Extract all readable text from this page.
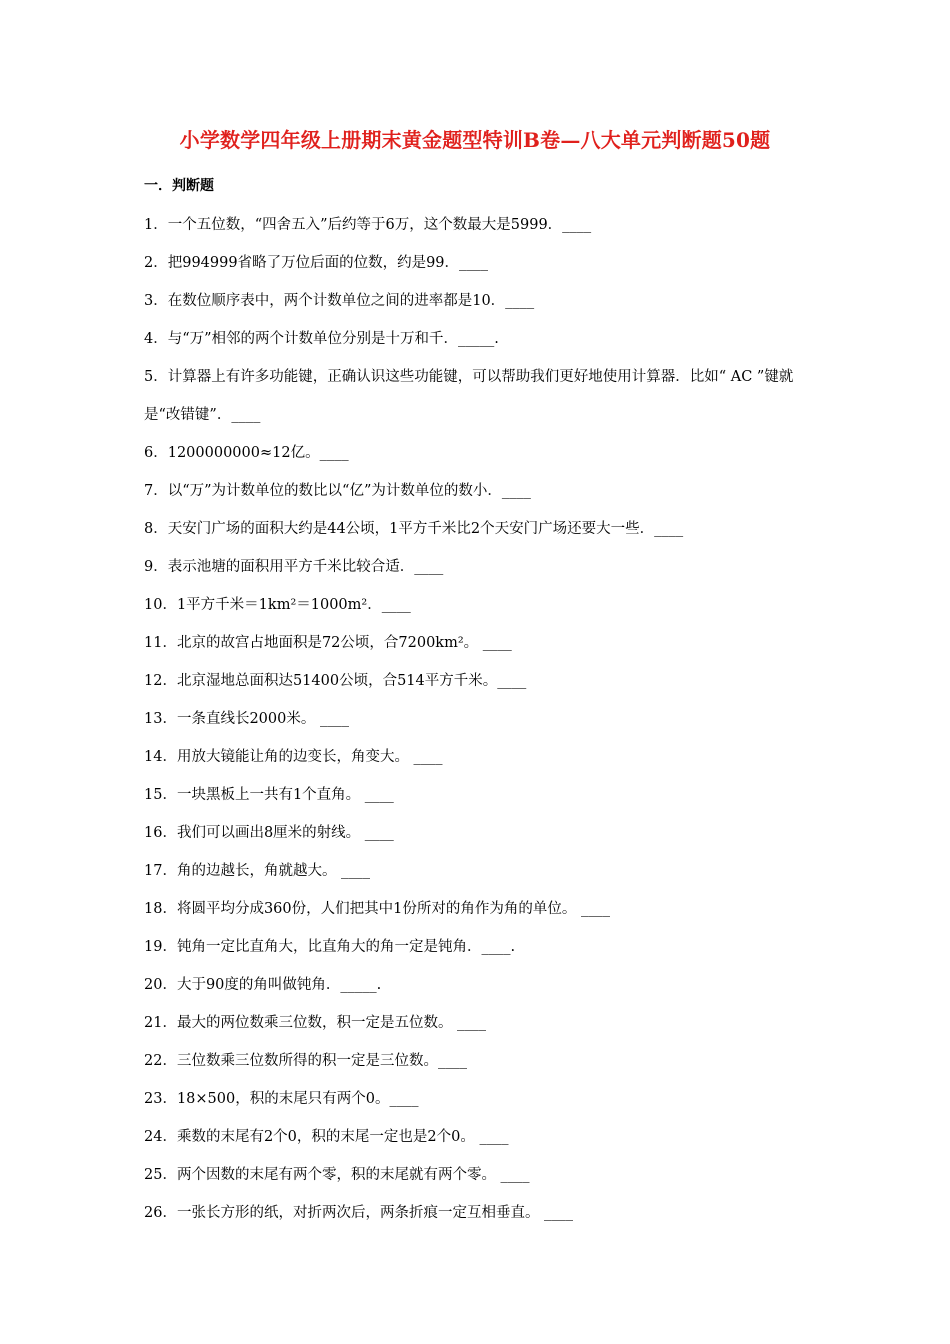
小学数学四年级上册期末黄金题型特训B卷—八大单元判断题50题
一．判断题
1．一个五位数，“四舍五入”后约等于6万，这个数最大是5999．____
2．把994999省略了万位后面的位数，约是99．____
3．在数位顺序表中，两个计数单位之间的进率都是10．____
4．与“万”相邻的两个计数单位分别是十万和千．_____.
5．计算器上有许多功能键，正确认识这些功能键，可以帮助我们更好地使用计算器．比如“ AC ”键就是“改错键”．____
6．1200000000≈12亿。____
7．以“万”为计数单位的数比以“亿”为计数单位的数小．____
8．天安门广场的面积大约是44公顷，1平方千米比2个天安门广场还要大一些．____
9．表示池塘的面积用平方千米比较合适．____
10．1平方千米＝1km²＝1000m²．____
11．北京的故宫占地面积是72公顷，合7200km²。 ____
12．北京湿地总面积达51400公顷，合514平方千米。____
13．一条直线长2000米。 ____
14．用放大镜能让角的边变长，角变大。 ____
15．一块黑板上一共有1个直角。 ____
16．我们可以画出8厘米的射线。 ____
17．角的边越长，角就越大。 ____
18．将圆平均分成360份，人们把其中1份所对的角作为角的单位。 ____
19．钝角一定比直角大，比直角大的角一定是钝角．____.
20．大于90度的角叫做钝角．_____.
21．最大的两位数乘三位数，积一定是五位数。 ____
22．三位数乘三位数所得的积一定是三位数。____
23．18×500，积的末尾只有两个0。____
24．乘数的末尾有2个0，积的末尾一定也是2个0。 ____
25．两个因数的末尾有两个零，积的末尾就有两个零。 ____
26．一张长方形的纸，对折两次后，两条折痕一定互相垂直。 ____
